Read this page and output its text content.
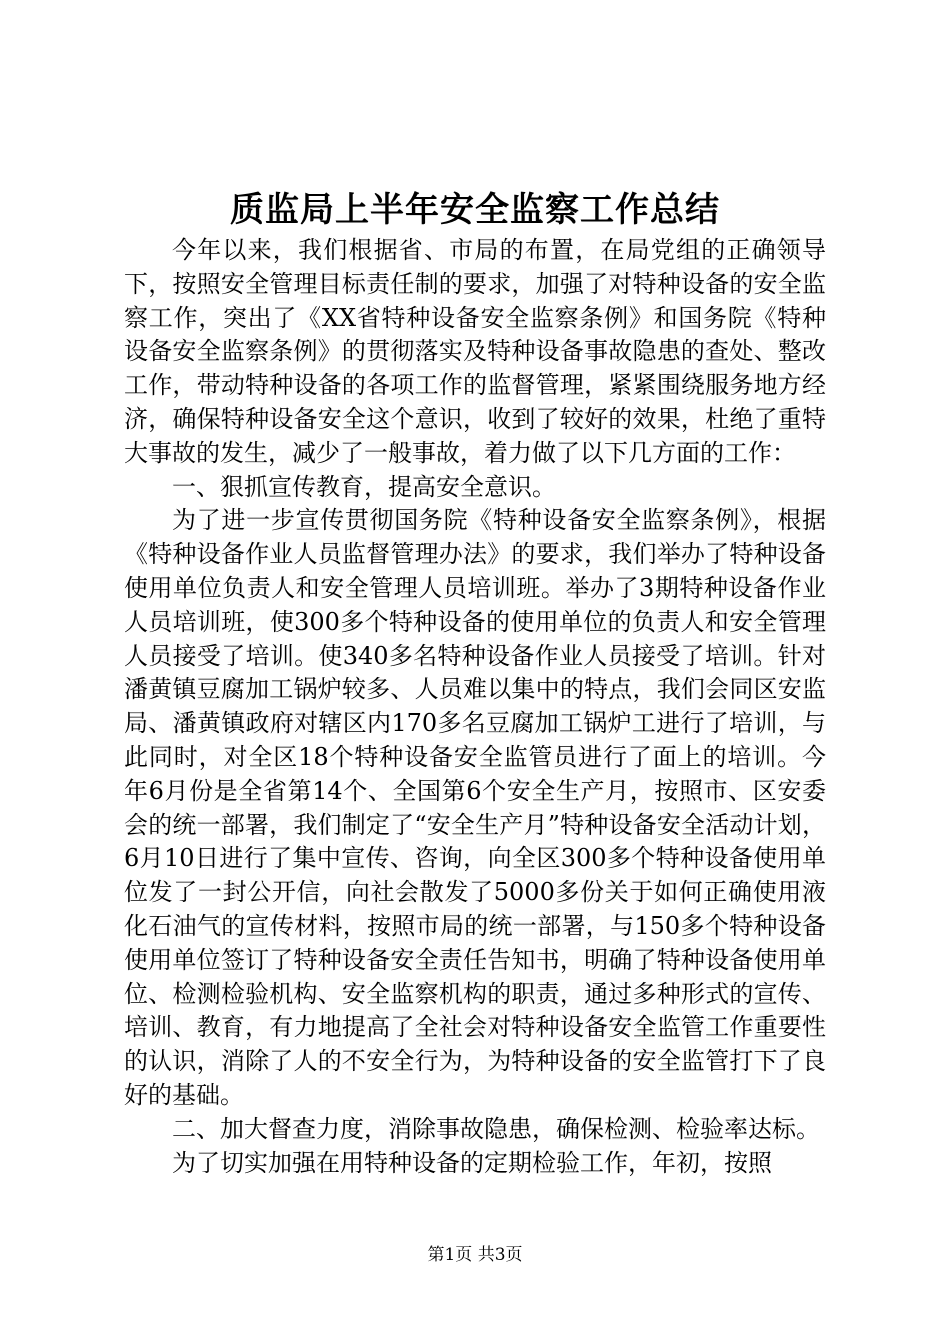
质监局上半年安全监察工作总结

今年以来，我们根据省、市局的布置，在局党组的正确领导下，按照安全管理目标责任制的要求，加强了对特种设备的安全监察工作，突出了《XX省特种设备安全监察条例》和国务院《特种设备安全监察条例》的贯彻落实及特种设备事故隐患的查处、整改工作，带动特种设备的各项工作的监督管理，紧紧围绕服务地方经济，确保特种设备安全这个意识，收到了较好的效果，杜绝了重特大事故的发生，减少了一般事故，着力做了以下几方面的工作：

一、狠抓宣传教育，提高安全意识。

为了进一步宣传贯彻国务院《特种设备安全监察条例》，根据《特种设备作业人员监督管理办法》的要求，我们举办了特种设备使用单位负责人和安全管理人员培训班。举办了3期特种设备作业人员培训班，使300多个特种设备的使用单位的负责人和安全管理人员接受了培训。使340多名特种设备作业人员接受了培训。针对潘黄镇豆腐加工锅炉较多、人员难以集中的特点，我们会同区安监局、潘黄镇政府对辖区内170多名豆腐加工锅炉工进行了培训，与此同时，对全区18个特种设备安全监管员进行了面上的培训。今年6月份是全省第14个、全国第6个安全生产月，按照市、区安委会的统一部署，我们制定了“安全生产月”特种设备安全活动计划，6月10日进行了集中宣传、咨询，向全区300多个特种设备使用单位发了一封公开信，向社会散发了5000多份关于如何正确使用液化石油气的宣传材料，按照市局的统一部署，与150多个特种设备使用单位签订了特种设备安全责任告知书，明确了特种设备使用单位、检测检验机构、安全监察机构的职责，通过多种形式的宣传、培训、教育，有力地提高了全社会对特种设备安全监管工作重要性的认识，消除了人的不安全行为，为特种设备的安全监管打下了良好的基础。

二、加大督查力度，消除事故隐患，确保检测、检验率达标。

为了切实加强在用特种设备的定期检验工作，年初，按照

第1页 共3页
